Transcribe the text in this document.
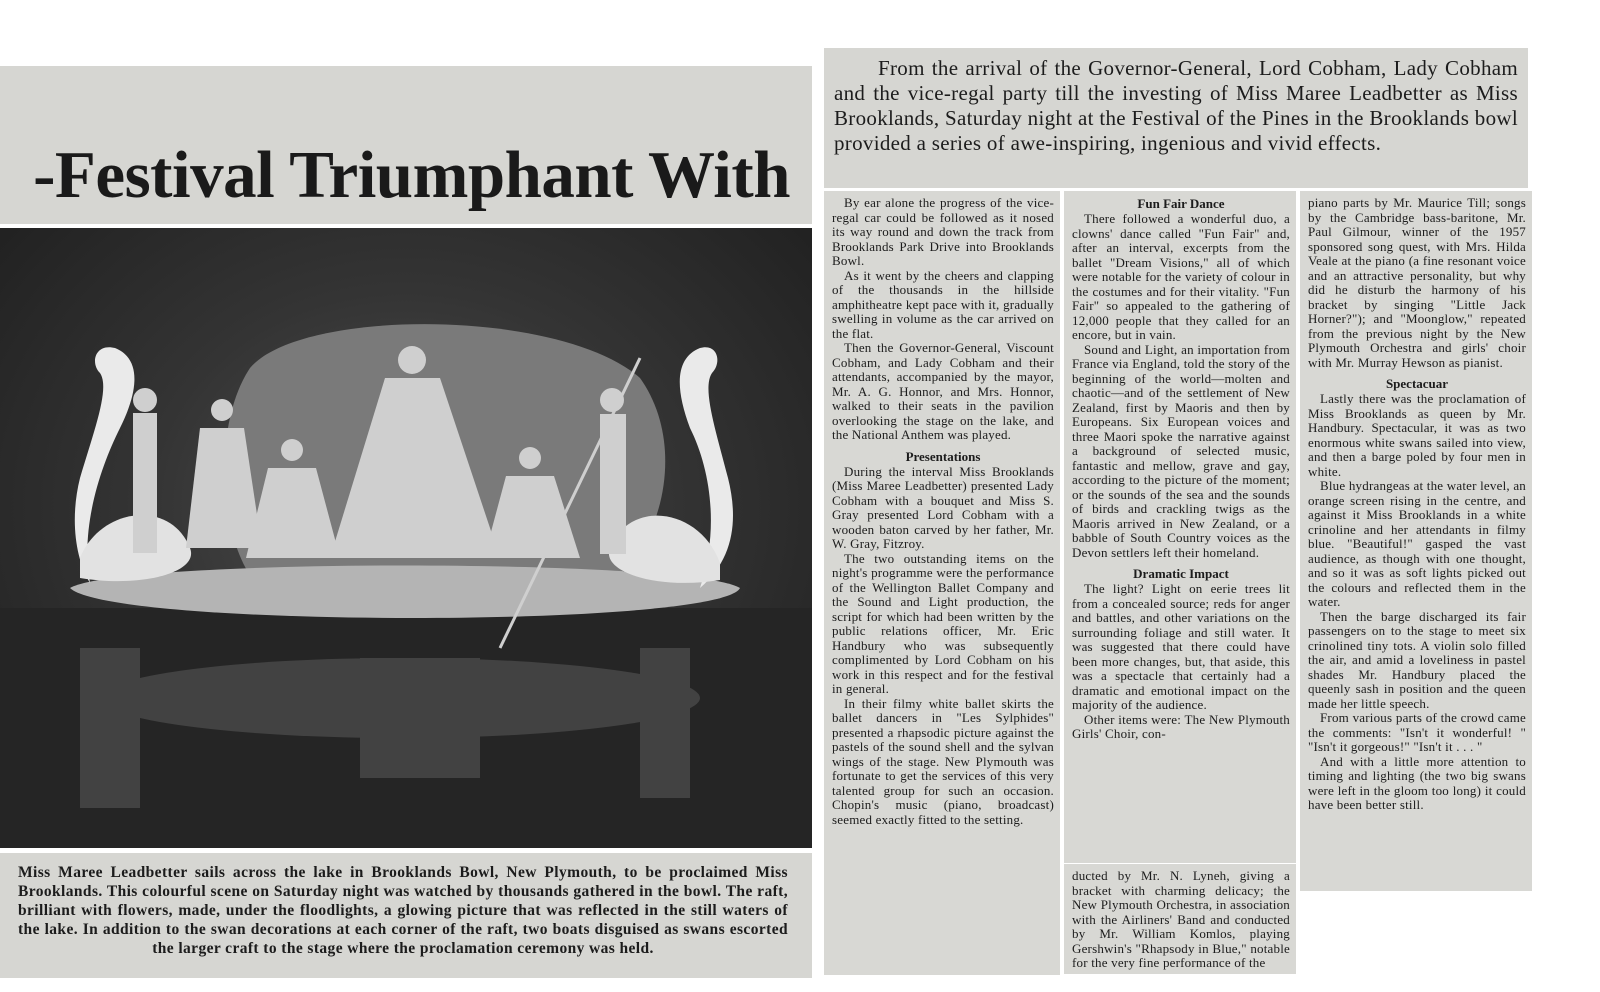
-Festival Triumphant With

Miss Maree Leadbetter sails across the lake in Brooklands Bowl, New Plymouth, to be proclaimed Miss Brooklands. This colourful scene on Saturday night was watched by thousands gathered in the bowl. The raft, brilliant with flowers, made, under the floodlights, a glowing picture that was reflected in the still waters of the lake. In addition to the swan decorations at each corner of the raft, two boats disguised as swans escorted the larger craft to the stage where the proclamation ceremony was held.

From the arrival of the Governor-General, Lord Cobham, Lady Cobham and the vice-regal party till the investing of Miss Maree Leadbetter as Miss Brooklands, Saturday night at the Festival of the Pines in the Brooklands bowl provided a series of awe-inspiring, ingenious and vivid effects.

By ear alone the progress of the vice-regal car could be followed as it nosed its way round and down the track from Brooklands Park Drive into Brooklands Bowl.

As it went by the cheers and clapping of the thousands in the hillside amphitheatre kept pace with it, gradually swelling in volume as the car arrived on the flat.

Then the Governor-General, Viscount Cobham, and Lady Cobham and their attendants, accompanied by the mayor, Mr. A. G. Honnor, and Mrs. Honnor, walked to their seats in the pavilion overlooking the stage on the lake, and the National Anthem was played.

Presentations

During the interval Miss Brooklands (Miss Maree Leadbetter) presented Lady Cobham with a bouquet and Miss S. Gray presented Lord Cobham with a wooden baton carved by her father, Mr. W. Gray, Fitzroy.

The two outstanding items on the night's programme were the performance of the Wellington Ballet Company and the Sound and Light production, the script for which had been written by the public relations officer, Mr. Eric Handbury who was subsequently complimented by Lord Cobham on his work in this respect and for the festival in general.

In their filmy white ballet skirts the ballet dancers in "Les Sylphides" presented a rhapsodic picture against the pastels of the sound shell and the sylvan wings of the stage. New Plymouth was fortunate to get the services of this very talented group for such an occasion. Chopin's music (piano, broadcast) seemed exactly fitted to the setting.

Fun Fair Dance

There followed a wonderful duo, a clowns' dance called "Fun Fair" and, after an interval, excerpts from the ballet "Dream Visions," all of which were notable for the variety of colour in the costumes and for their vitality. "Fun Fair" so appealed to the gathering of 12,000 people that they called for an encore, but in vain.

Sound and Light, an importation from France via England, told the story of the beginning of the world—molten and chaotic—and of the settlement of New Zealand, first by Maoris and then by Europeans. Six European voices and three Maori spoke the narrative against a background of selected music, fantastic and mellow, grave and gay, according to the picture of the moment; or the sounds of the sea and the sounds of birds and crackling twigs as the Maoris arrived in New Zealand, or a babble of South Country voices as the Devon settlers left their homeland.

Dramatic Impact

The light? Light on eerie trees lit from a concealed source; reds for anger and battles, and other variations on the surrounding foliage and still water. It was suggested that there could have been more changes, but, that aside, this was a spectacle that certainly had a dramatic and emotional impact on the majority of the audience.

Other items were: The New Plymouth Girls' Choir, con-

ducted by Mr. N. Lyneh, giving a bracket with charming delicacy; the New Plymouth Orchestra, in association with the Airliners' Band and conducted by Mr. William Komlos, playing Gershwin's "Rhapsody in Blue," notable for the very fine performance of the

piano parts by Mr. Maurice Till; songs by the Cambridge bass-baritone, Mr. Paul Gilmour, winner of the 1957 sponsored song quest, with Mrs. Hilda Veale at the piano (a fine resonant voice and an attractive personality, but why did he disturb the harmony of his bracket by singing "Little Jack Horner?"); and "Moonglow," repeated from the previous night by the New Plymouth Orchestra and girls' choir with Mr. Murray Hewson as pianist.

Spectacuar

Lastly there was the proclamation of Miss Brooklands as queen by Mr. Handbury. Spectacular, it was as two enormous white swans sailed into view, and then a barge poled by four men in white.

Blue hydrangeas at the water level, an orange screen rising in the centre, and against it Miss Brooklands in a white crinoline and her attendants in filmy blue. "Beautiful!" gasped the vast audience, as though with one thought, and so it was as soft lights picked out the colours and reflected them in the water.

Then the barge discharged its fair passengers on to the stage to meet six crinolined tiny tots. A violin solo filled the air, and amid a loveliness in pastel shades Mr. Handbury placed the queenly sash in position and the queen made her little speech.

From various parts of the crowd came the comments: "Isn't it wonderful! " "Isn't it gorgeous!" "Isn't it . . . "

And with a little more attention to timing and lighting (the two big swans were left in the gloom too long) it could have been better still.
